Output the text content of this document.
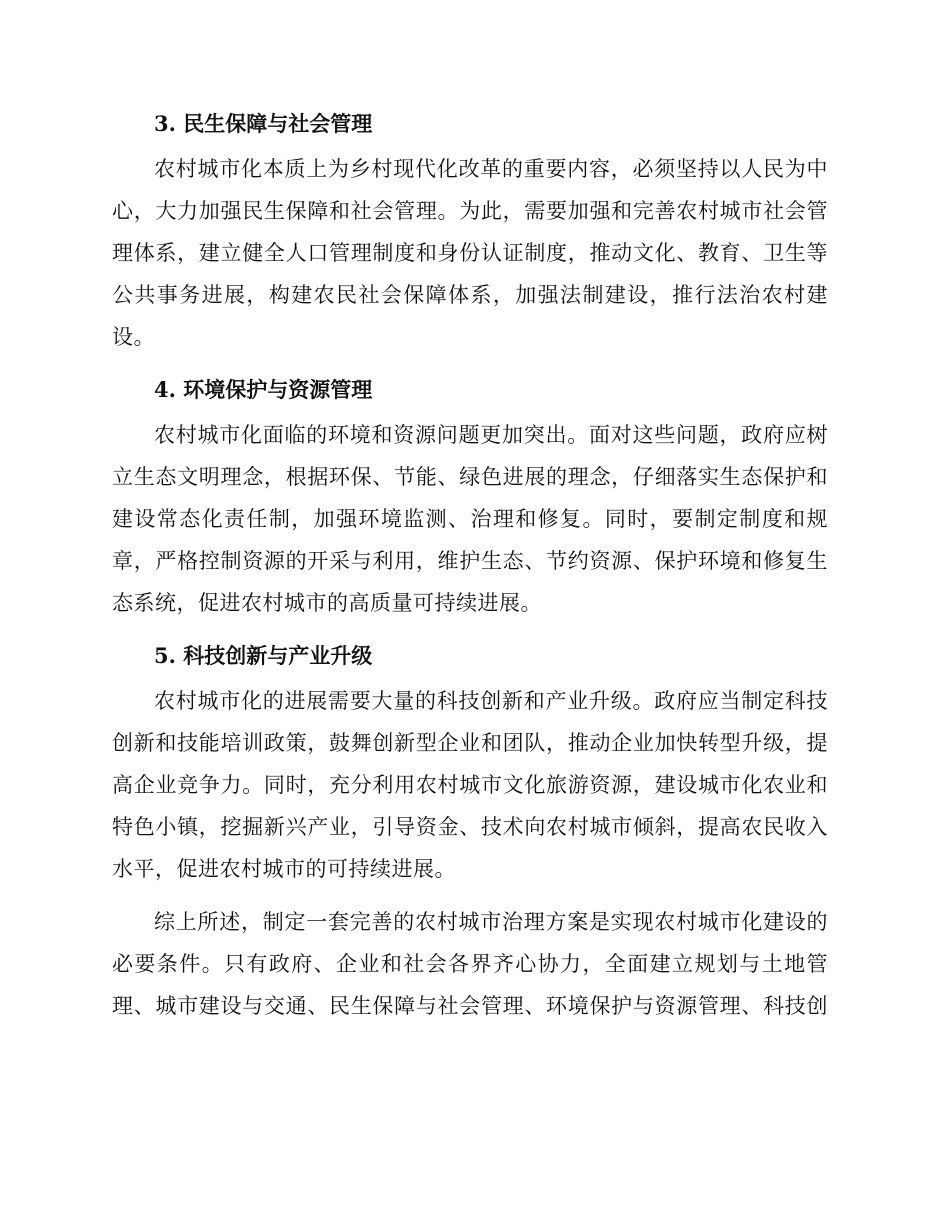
3. 民生保障与社会管理
农村城市化本质上为乡村现代化改革的重要内容，必须坚持以人民为中
心，大力加强民生保障和社会管理。为此，需要加强和完善农村城市社会管
理体系，建立健全人口管理制度和身份认证制度，推动文化、教育、卫生等
公共事务进展，构建农民社会保障体系，加强法制建设，推行法治农村建
设。
4. 环境保护与资源管理
农村城市化面临的环境和资源问题更加突出。面对这些问题，政府应树
立生态文明理念，根据环保、节能、绿色进展的理念，仔细落实生态保护和
建设常态化责任制，加强环境监测、治理和修复。同时，要制定制度和规
章，严格控制资源的开采与利用，维护生态、节约资源、保护环境和修复生
态系统，促进农村城市的高质量可持续进展。
5. 科技创新与产业升级
农村城市化的进展需要大量的科技创新和产业升级。政府应当制定科技
创新和技能培训政策，鼓舞创新型企业和团队，推动企业加快转型升级，提
高企业竞争力。同时，充分利用农村城市文化旅游资源，建设城市化农业和
特色小镇，挖掘新兴产业，引导资金、技术向农村城市倾斜，提高农民收入
水平，促进农村城市的可持续进展。
综上所述，制定一套完善的农村城市治理方案是实现农村城市化建设的
必要条件。只有政府、企业和社会各界齐心协力，全面建立规划与土地管
理、城市建设与交通、民生保障与社会管理、环境保护与资源管理、科技创
